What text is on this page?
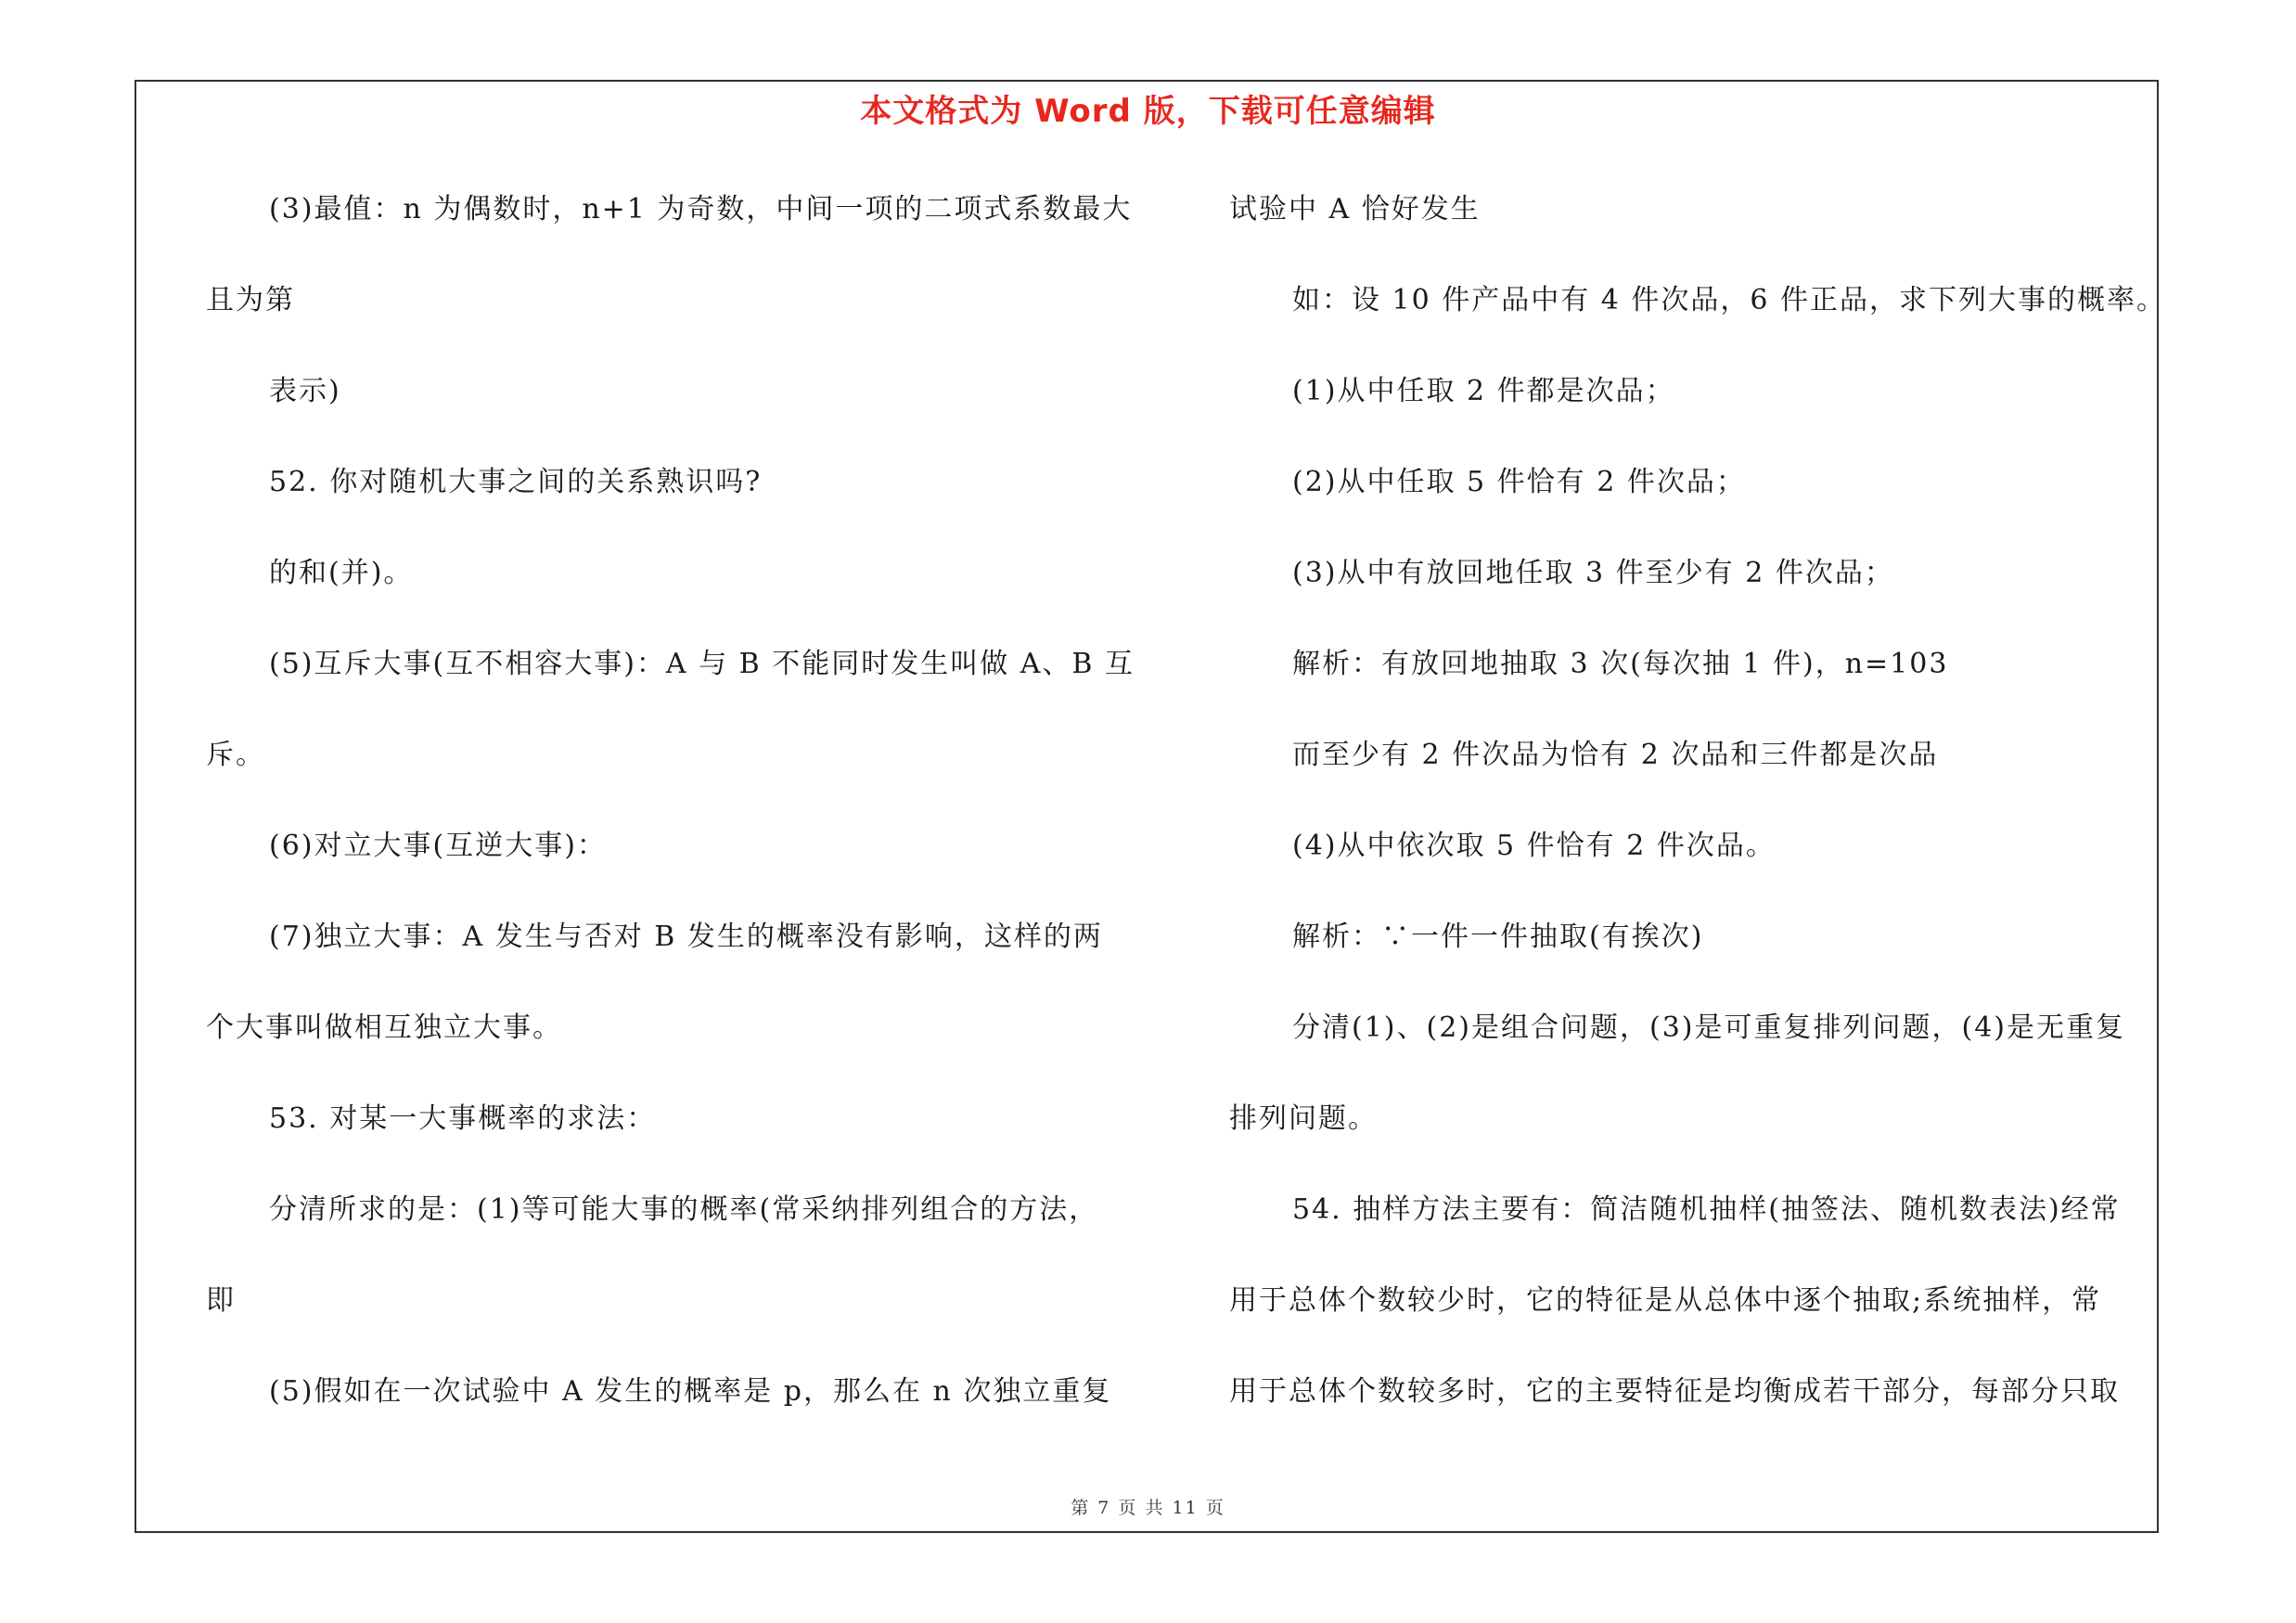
本文格式为 Word 版，下载可任意编辑
(3)最值：n 为偶数时，n+1 为奇数，中间一项的二项式系数最大
且为第
表示)
52. 你对随机大事之间的关系熟识吗?
的和(并)。
(5)互斥大事(互不相容大事)：A 与 B 不能同时发生叫做 A、B 互
斥。
(6)对立大事(互逆大事)：
(7)独立大事：A 发生与否对 B 发生的概率没有影响，这样的两
个大事叫做相互独立大事。
53. 对某一大事概率的求法：
分清所求的是：(1)等可能大事的概率(常采纳排列组合的方法，
即
(5)假如在一次试验中 A 发生的概率是 p，那么在 n 次独立重复
试验中 A 恰好发生
如：设 10 件产品中有 4 件次品，6 件正品，求下列大事的概率。
(1)从中任取 2 件都是次品；
(2)从中任取 5 件恰有 2 件次品；
(3)从中有放回地任取 3 件至少有 2 件次品；
解析：有放回地抽取 3 次(每次抽 1 件)，n=103
而至少有 2 件次品为恰有 2 次品和三件都是次品
(4)从中依次取 5 件恰有 2 件次品。
解析：∵一件一件抽取(有挨次)
分清(1)、(2)是组合问题，(3)是可重复排列问题，(4)是无重复
排列问题。
54. 抽样方法主要有：简洁随机抽样(抽签法、随机数表法)经常
用于总体个数较少时，它的特征是从总体中逐个抽取;系统抽样，常
用于总体个数较多时，它的主要特征是均衡成若干部分，每部分只取
第 7 页 共 11 页
